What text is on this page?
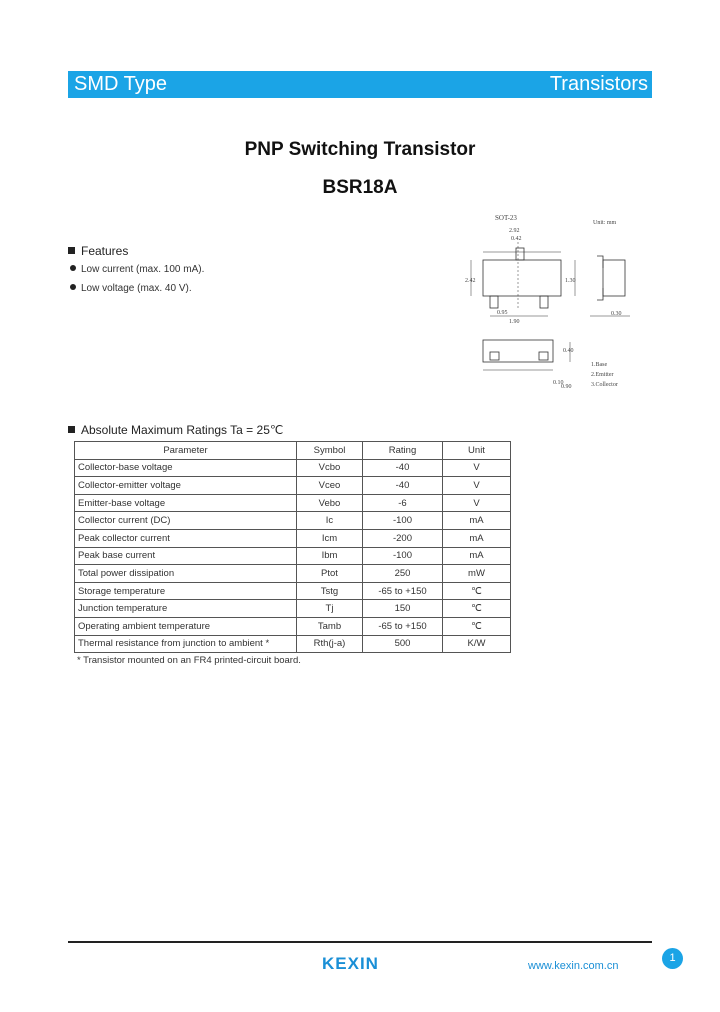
SMD Type	Transistors
PNP Switching Transistor
BSR18A
Features
Low current (max. 100 mA).
Low voltage (max. 40 V).
SOT-23
Unit: mm
2.92
0.42
2.42	1.30
0.95
1.90
0.30
0.40
0.10
0.90
1.Base
2.Emitter
3.Collector
Absolute Maximum Ratings Ta = 25℃
Parameter	Symbol	Rating	Unit
Collector-base voltage	Vcbo	-40	V
Collector-emitter voltage	Vceo	-40	V
Emitter-base voltage	Vebo	-6	V
Collector current (DC)	Ic	-100	mA
Peak collector current	Icm	-200	mA
Peak base current	Ibm	-100	mA
Total power dissipation	Ptot	250	mW
Storage temperature	Tstg	-65 to +150	℃
Junction temperature	Tj	150	℃
Operating ambient temperature	Tamb	-65 to +150	℃
Thermal resistance from junction to ambient *	Rth(j-a)	500	K/W
* Transistor mounted on an FR4 printed-circuit board.
KEXIN	www.kexin.com.cn
1
